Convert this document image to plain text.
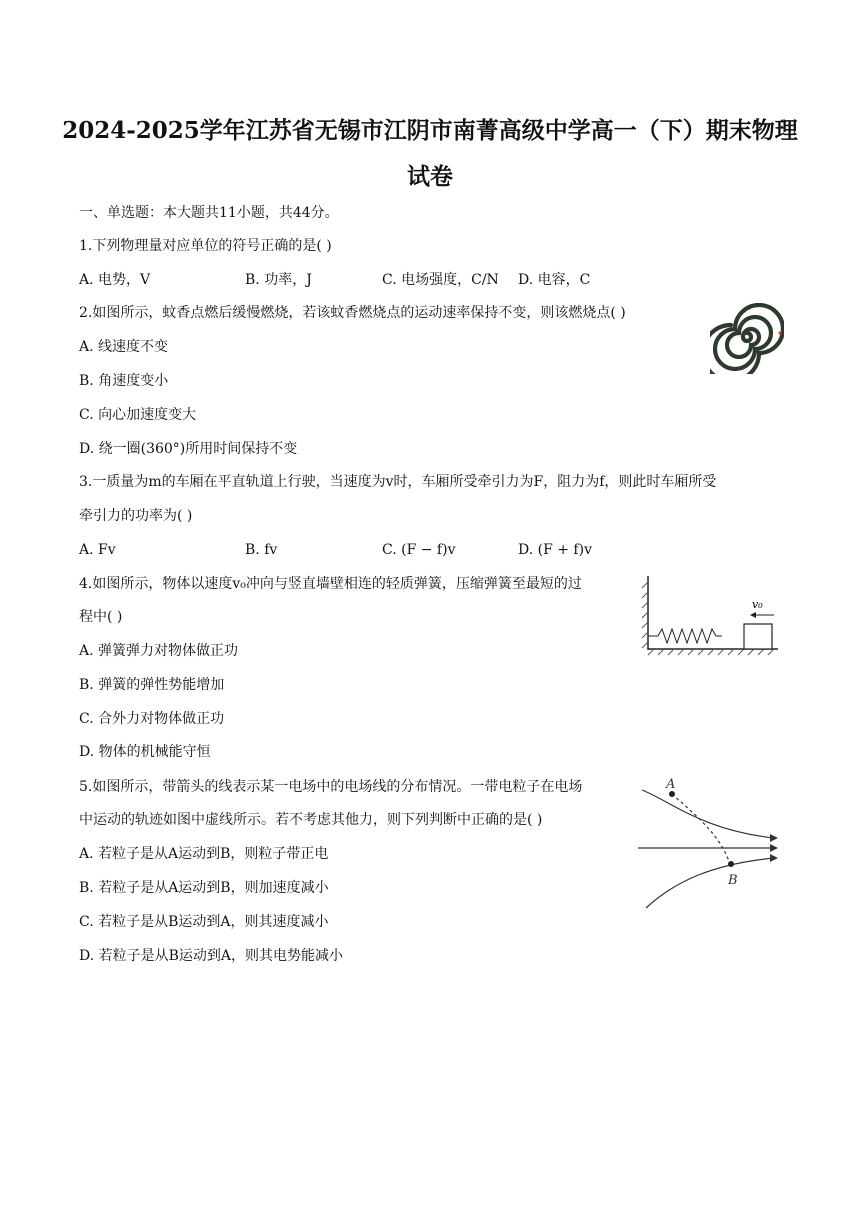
2024-2025学年江苏省无锡市江阴市南菁高级中学高一（下）期末物理试卷
一、单选题：本大题共11小题，共44分。
1.下列物理量对应单位的符号正确的是( )
A. 电势，V	B. 功率，J	C. 电场强度，C/N D. 电容，C
2.如图所示，蚊香点燃后缓慢燃烧，若该蚊香燃烧点的运动速率保持不变，则该燃烧点( )
A. 线速度不变
B. 角速度变小
C. 向心加速度变大
D. 绕一圈(360°)所用时间保持不变
3.一质量为m的车厢在平直轨道上行驶，当速度为v时，车厢所受牵引力为F，阻力为f，则此时车厢所受
牵引力的功率为( )
A. Fv	B. fv	C. (F − f)v	D. (F + f)v
4.如图所示，物体以速度v₀冲向与竖直墙壁相连的轻质弹簧，压缩弹簧至最短的过
程中( )
A. 弹簧弹力对物体做正功
B. 弹簧的弹性势能增加
C. 合外力对物体做正功
D. 物体的机械能守恒
v₀
5.如图所示，带箭头的线表示某一电场中的电场线的分布情况。一带电粒子在电场
中运动的轨迹如图中虚线所示。若不考虑其他力，则下列判断中正确的是( )
A. 若粒子是从A运动到B，则粒子带正电
B. 若粒子是从A运动到B，则加速度减小
C. 若粒子是从B运动到A，则其速度减小
D. 若粒子是从B运动到A，则其电势能减小
A
B
